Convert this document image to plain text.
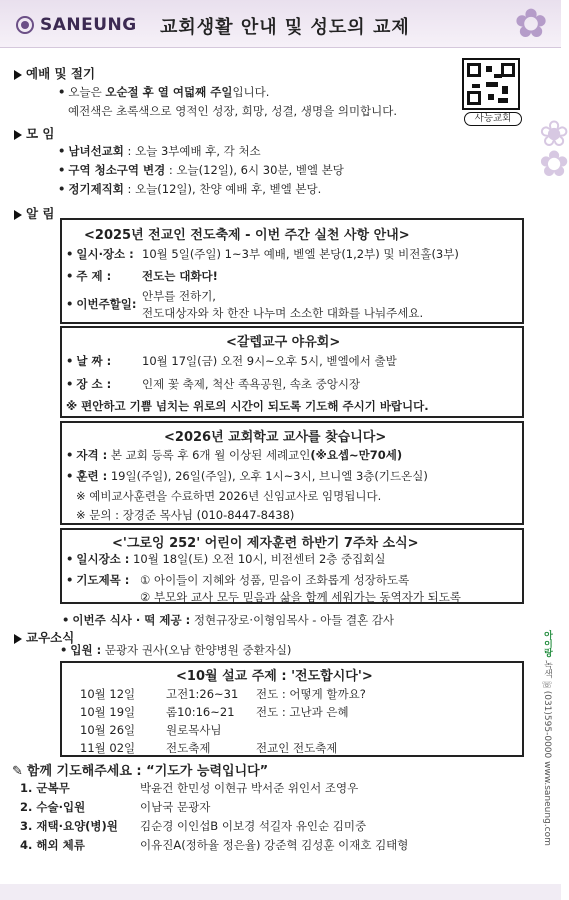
SANEUNG 교회생활 안내 및 성도의 교제	✿
❀
✿
사능교회
예배 및 절기
• 오늘은 오순절 후 열 여덟째 주일입니다.
예전색은 초록색으로 영적인 성장, 희망, 성결, 생명을 의미합니다.
모 임
• 남녀선교회 : 오늘 3부예배 후, 각 처소
• 구역 청소구역 변경 : 오늘(12일), 6시 30분, 벧엘 본당
• 정기제직회 : 오늘(12일), 찬양 예배 후, 벧엘 본당.
알 림
<2025년 전교인 전도축제 - 이번 주간 실천 사항 안내>
• 일시·장소 : 10월 5일(주일) 1~3부 예배, 벧엘 본당(1,2부) 및 비전홀(3부)
• 주 제 :	전도는 대화다!
• 이번주할일:
안부를 전하기,
전도대상자와 차 한잔 나누며 소소한 대화를 나눠주세요.
<갈렙교구 야유회>
• 날 짜 :	10월 17일(금) 오전 9시~오후 5시, 벧엘에서 출발
• 장 소 :	인제 꽃 축제, 척산 족욕공원, 속초 중앙시장
※ 편안하고 기쁨 넘치는 위로의 시간이 되도록 기도해 주시기 바랍니다.
<2026년 교회학교 교사를 찾습니다>
• 자격 : 본 교회 등록 후 6개 월 이상된 세례교인(※요셉~만70세)
• 훈련 : 19일(주일), 26일(주일), 오후 1시~3시, 브니엘 3층(기드온실)
※ 예비교사훈련을 수료하면 2026년 신임교사로 임명됩니다.
※ 문의 : 장경준 목사님 (010-8447-8438)
<'그로잉 252' 어린이 제자훈련 하반기 7주차 소식>
• 일시장소 : 10월 18일(토) 오전 10시, 비전센터 2층 중집회실
• 기도제목 : ① 아이들이 지혜와 성품, 믿음이 조화롭게 성장하도록
② 부모와 교사 모두 믿음과 삶을 함께 세워가는 동역자가 되도록
• 이번주 식사 · 떡 제공 : 정현규장로·이형임목사 - 아들 결혼 감사
교우소식
• 입원 : 문광자 권사(오남 한양병원 중환자실)
<10월 설교 주제 : '전도합시다'>
10월 12일	고전1:26~31 전도 : 어떻게 할까요?
10월 19일	롬10:16~21 전도 : 고난과 은혜
10월 26일	원로목사님
11월 02일	전도축제	전교인 전도축제
✎ 함께 기도해주세요 : “기도가 능력입니다”
1. 군복무	박윤건 한민성 이현규 박서준 위인서 조영우
2. 수술·입원	이남국 문광자
3. 재택·요양(병)원 김순경 이인섭B 이보경 석길자 유인순 김미중
4. 해외 체류	이유진A(정하율 정은율) 강준혁 김성훈 이재호 김태형
아이랑 녹색 ☏(031)595-0000 www.saneung.com
